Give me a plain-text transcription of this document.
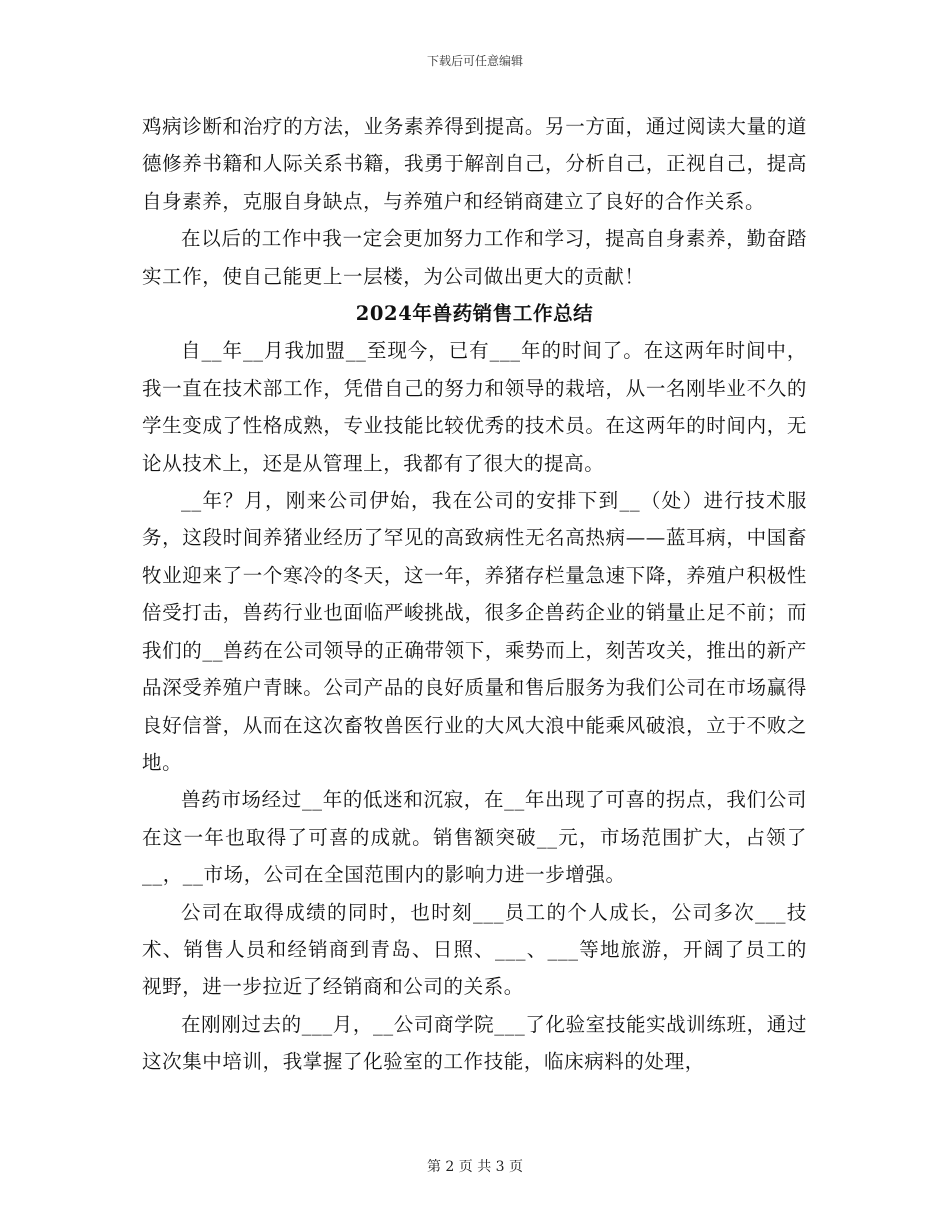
下载后可任意编辑

鸡病诊断和治疗的方法，业务素养得到提高。另一方面，通过阅读大量的道德修养书籍和人际关系书籍，我勇于解剖自己，分析自己，正视自己，提高自身素养，克服自身缺点，与养殖户和经销商建立了良好的合作关系。

在以后的工作中我一定会更加努力工作和学习，提高自身素养，勤奋踏实工作，使自己能更上一层楼，为公司做出更大的贡献！

2024年兽药销售工作总结

自__年__月我加盟__至现今，已有___年的时间了。在这两年时间中，我一直在技术部工作，凭借自己的努力和领导的栽培，从一名刚毕业不久的学生变成了性格成熟，专业技能比较优秀的技术员。在这两年的时间内，无论从技术上，还是从管理上，我都有了很大的提高。

__年？月，刚来公司伊始，我在公司的安排下到__（处）进行技术服务，这段时间养猪业经历了罕见的高致病性无名高热病——蓝耳病，中国畜牧业迎来了一个寒冷的冬天，这一年，养猪存栏量急速下降，养殖户积极性倍受打击，兽药行业也面临严峻挑战，很多企兽药企业的销量止足不前；而我们的__兽药在公司领导的正确带领下，乘势而上，刻苦攻关，推出的新产品深受养殖户青睐。公司产品的良好质量和售后服务为我们公司在市场赢得良好信誉，从而在这次畜牧兽医行业的大风大浪中能乘风破浪，立于不败之地。

兽药市场经过__年的低迷和沉寂，在__年出现了可喜的拐点，我们公司在这一年也取得了可喜的成就。销售额突破__元，市场范围扩大，占领了__，__市场，公司在全国范围内的影响力进一步增强。

公司在取得成绩的同时，也时刻___员工的个人成长，公司多次___技术、销售人员和经销商到青岛、日照、___、___等地旅游，开阔了员工的视野，进一步拉近了经销商和公司的关系。

在刚刚过去的___月，__公司商学院___了化验室技能实战训练班，通过这次集中培训，我掌握了化验室的工作技能，临床病料的处理，

第 2 页 共 3 页
